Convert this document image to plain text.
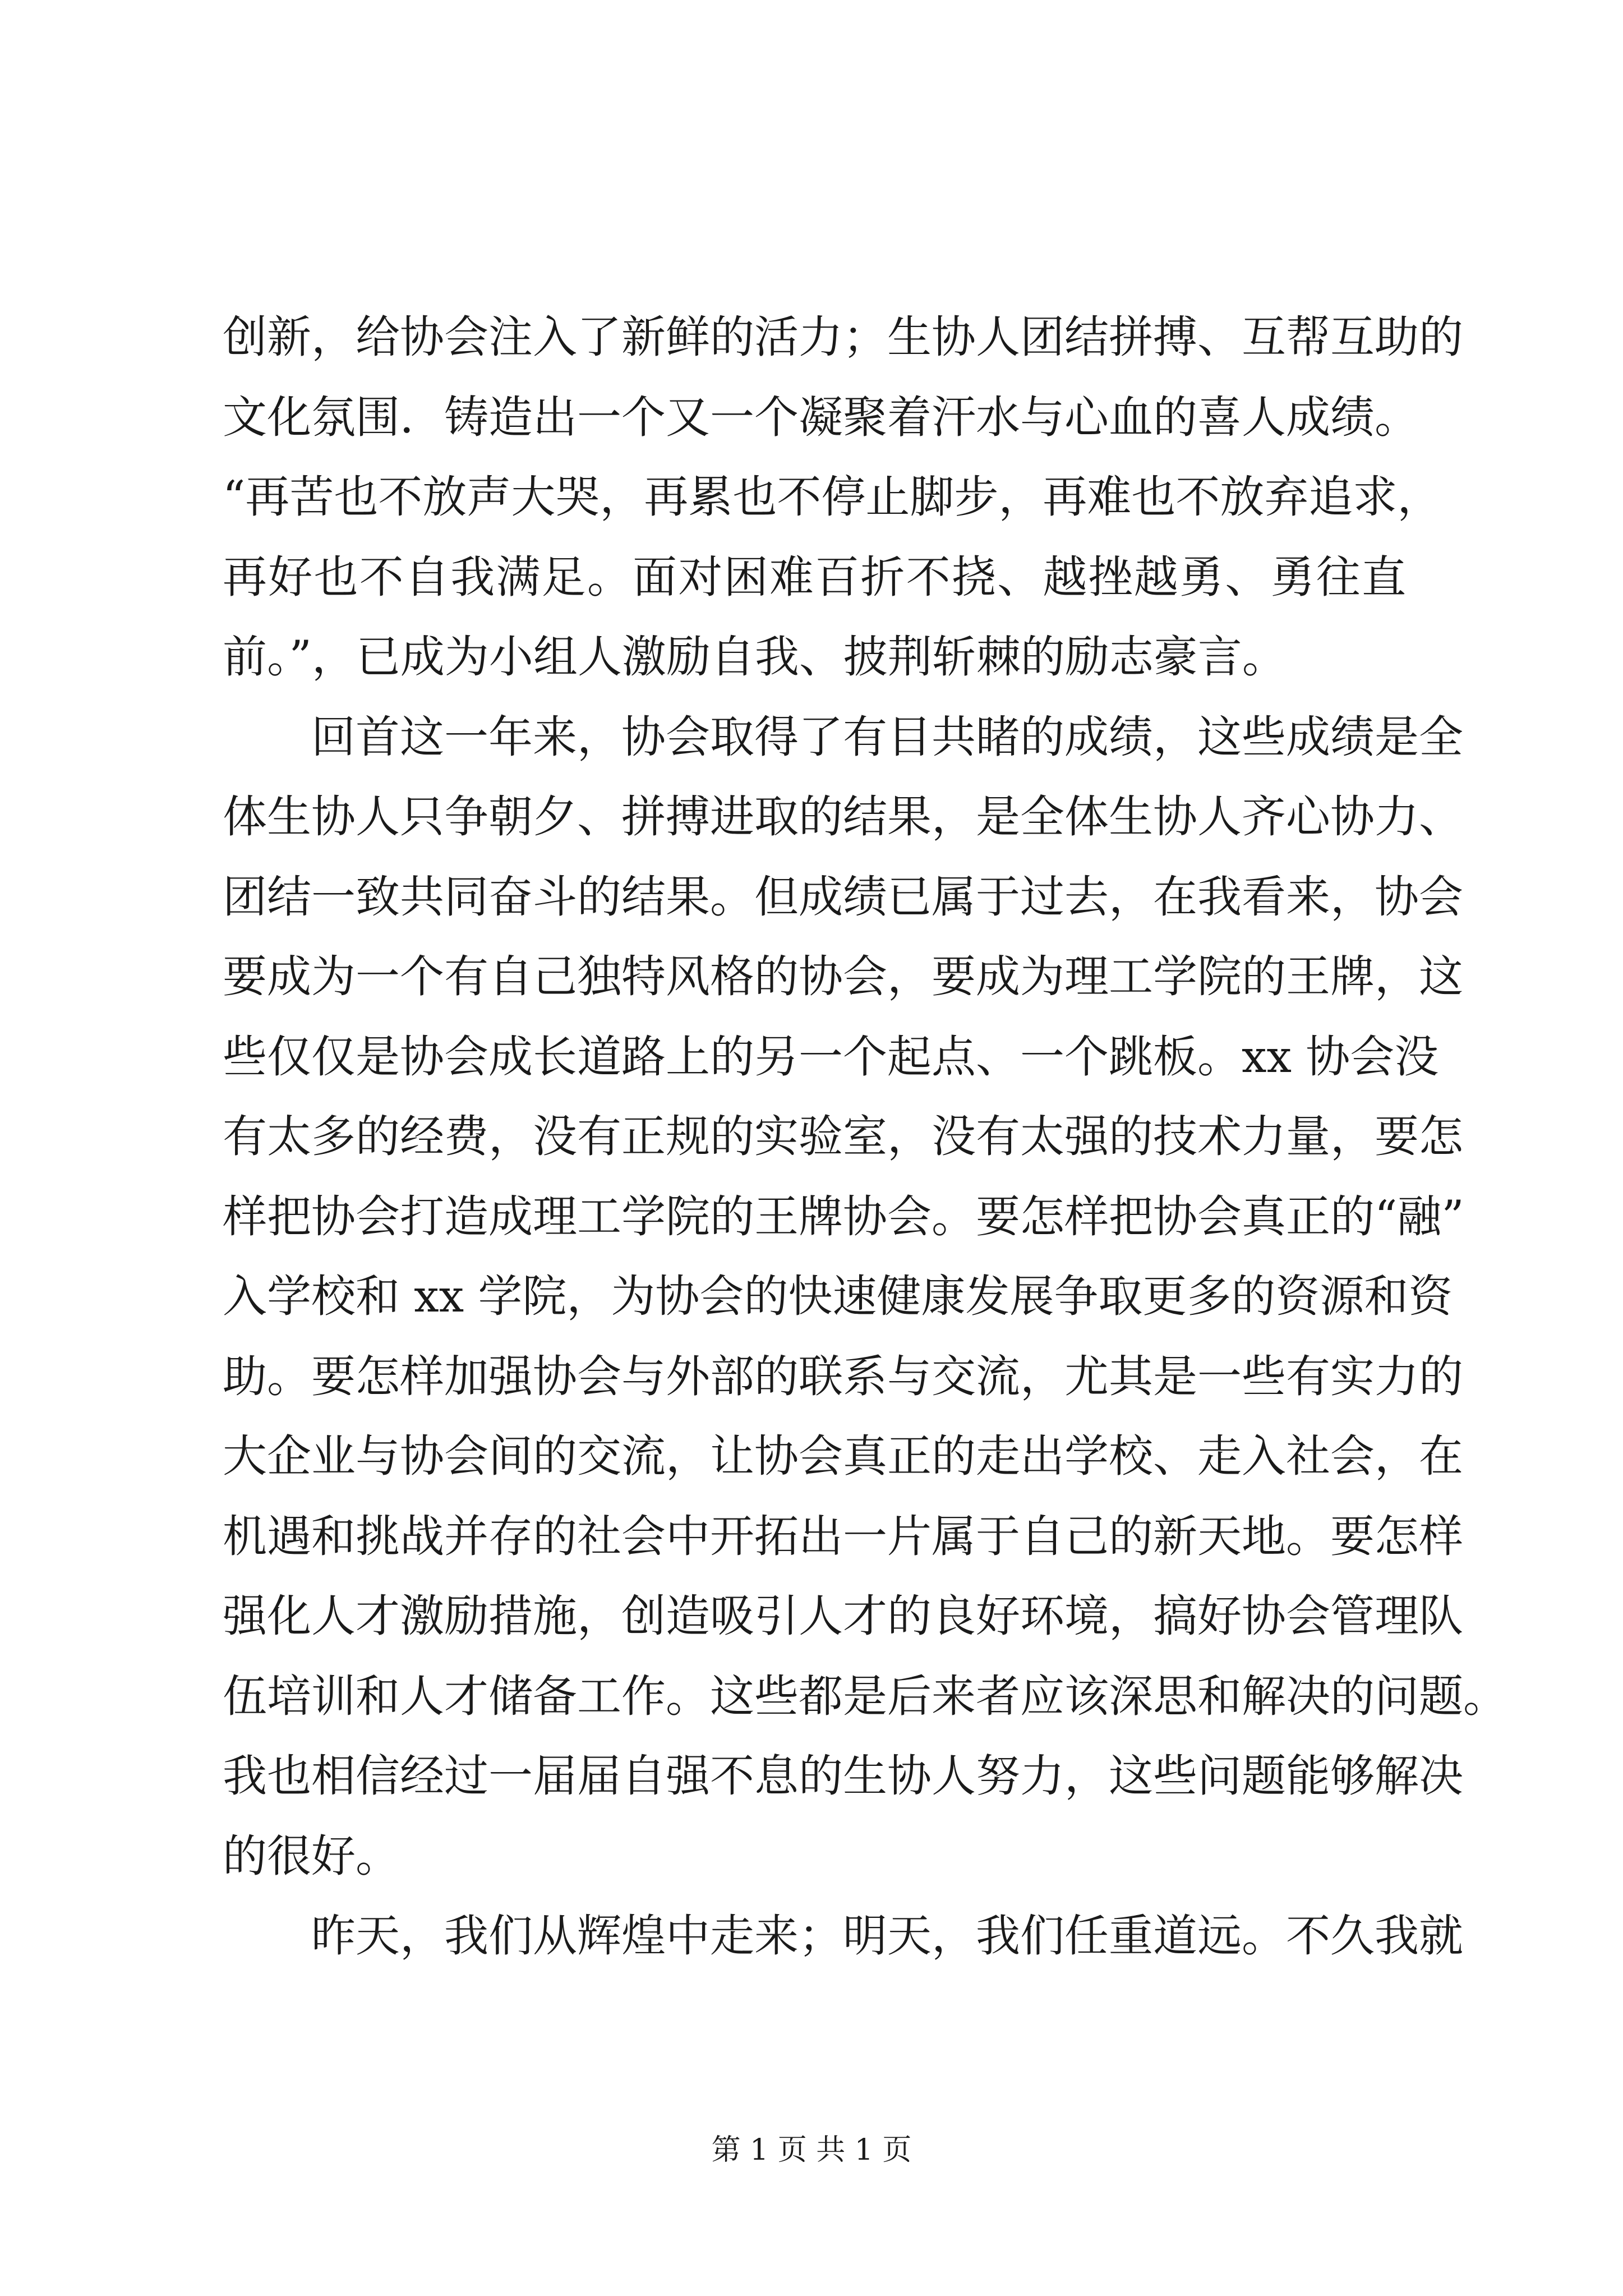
创新，给协会注入了新鲜的活力；生协人团结拼搏、互帮互助的
文化氛围．铸造出一个又一个凝聚着汗水与心血的喜人成绩。
“再苦也不放声大哭，再累也不停止脚步，再难也不放弃追求，
再好也不自我满足。面对困难百折不挠、越挫越勇、勇往直
前。”，已成为小组人激励自我、披荆斩棘的励志豪言。
回首这一年来，协会取得了有目共睹的成绩，这些成绩是全
体生协人只争朝夕、拼搏进取的结果，是全体生协人齐心协力、
团结一致共同奋斗的结果。但成绩已属于过去，在我看来，协会
要成为一个有自己独特风格的协会，要成为理工学院的王牌，这
些仅仅是协会成长道路上的另一个起点、一个跳板。xx 协会没
有太多的经费，没有正规的实验室，没有太强的技术力量，要怎
样把协会打造成理工学院的王牌协会。要怎样把协会真正的“融”
入学校和 xx 学院，为协会的快速健康发展争取更多的资源和资
助。要怎样加强协会与外部的联系与交流，尤其是一些有实力的
大企业与协会间的交流，让协会真正的走出学校、走入社会，在
机遇和挑战并存的社会中开拓出一片属于自己的新天地。要怎样
强化人才激励措施，创造吸引人才的良好环境，搞好协会管理队
伍培训和人才储备工作。这些都是后来者应该深思和解决的问题。
我也相信经过一届届自强不息的生协人努力，这些问题能够解决
的很好。
昨天，我们从辉煌中走来；明天，我们任重道远。不久我就
第 1 页 共 1 页
